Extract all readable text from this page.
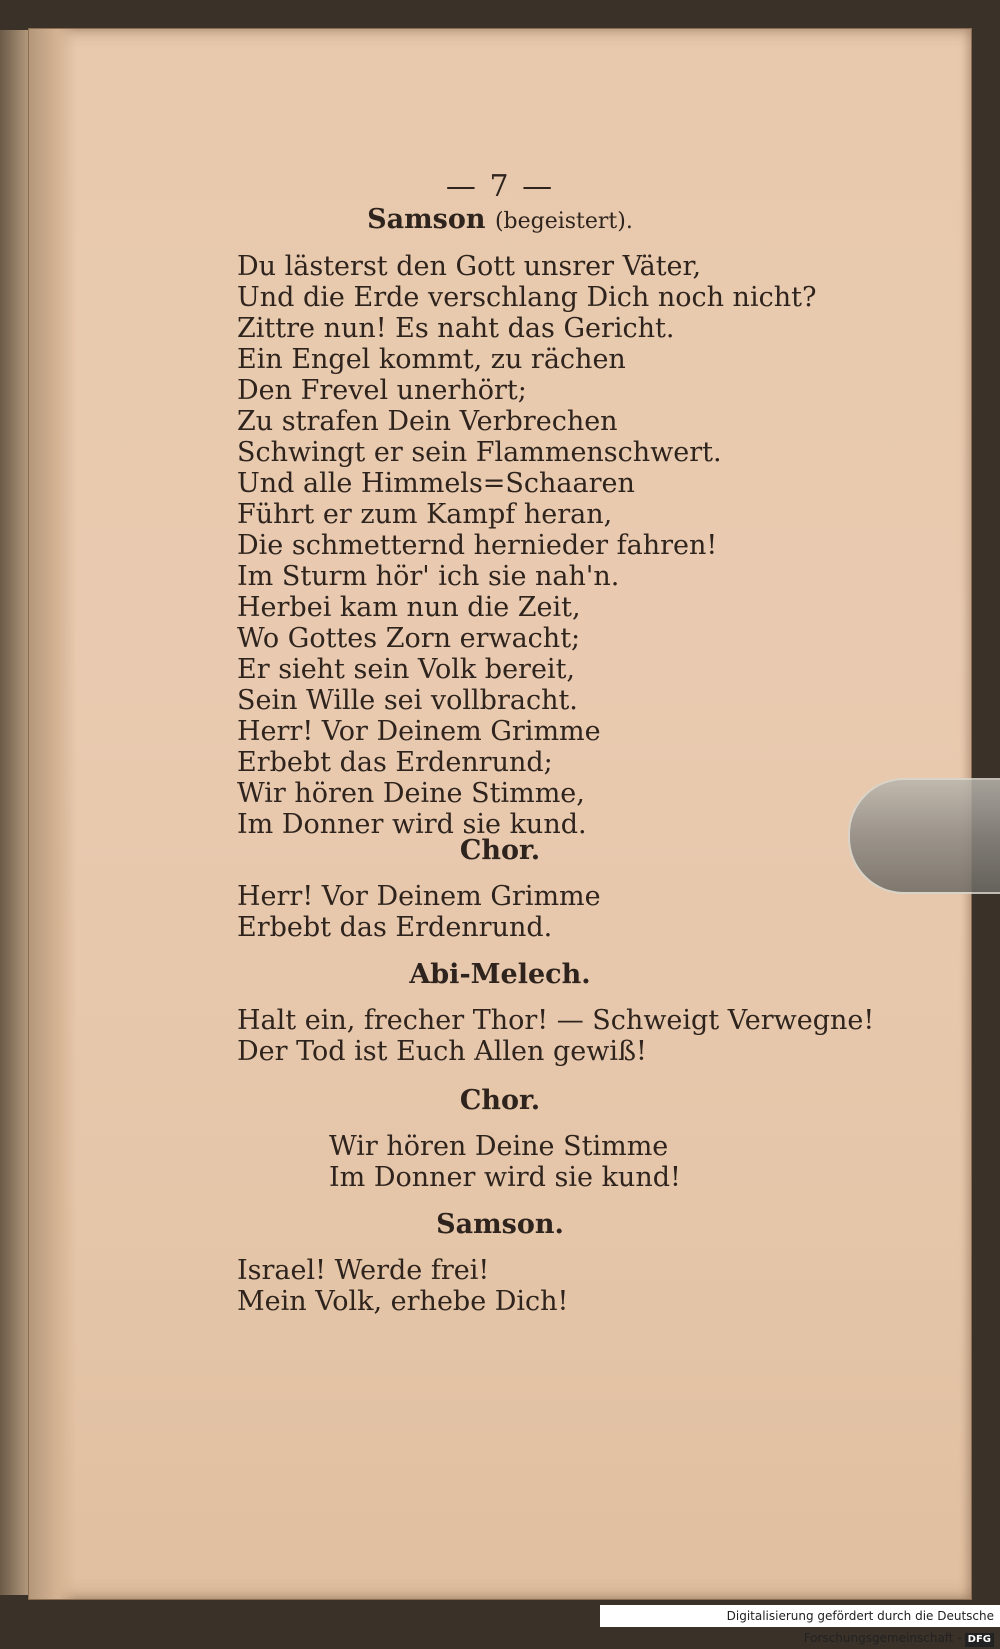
— 7 —
Samson (begeistert).
Du lästerst den Gott unsrer Väter,
Und die Erde verschlang Dich noch nicht?
Zittre nun! Es naht das Gericht.
Ein Engel kommt, zu rächen
Den Frevel unerhört;
Zu strafen Dein Verbrechen
Schwingt er sein Flammenschwert.
Und alle Himmels=Schaaren
Führt er zum Kampf heran,
Die schmetternd hernieder fahren!
Im Sturm hör' ich sie nah'n.
Herbei kam nun die Zeit,
Wo Gottes Zorn erwacht;
Er sieht sein Volk bereit,
Sein Wille sei vollbracht.
Herr! Vor Deinem Grimme
Erbebt das Erdenrund;
Wir hören Deine Stimme,
Im Donner wird sie kund.
Chor.
Herr! Vor Deinem Grimme
Erbebt das Erdenrund.
Abi-Melech.
Halt ein, frecher Thor! — Schweigt Verwegne!
Der Tod ist Euch Allen gewiß!
Chor.
Wir hören Deine Stimme
Im Donner wird sie kund!
Samson.
Israel! Werde frei!
Mein Volk, erhebe Dich!
Digitalisierung gefördert durch die Deutsche Forschungsgemeinschaft - DFG
